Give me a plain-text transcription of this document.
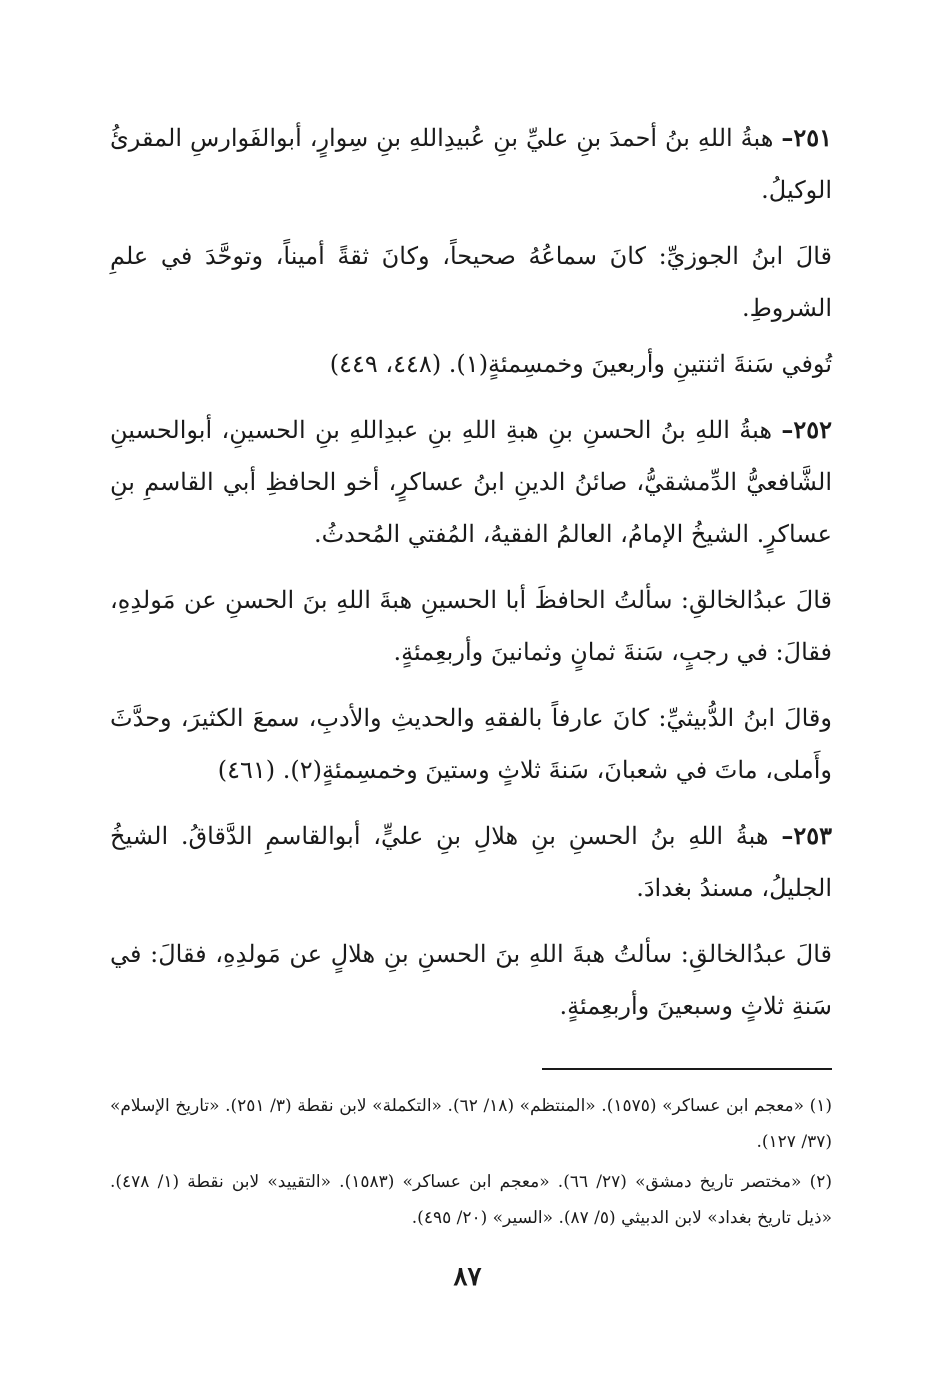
٢٥١– هبةُ اللهِ بنُ أحمدَ بنِ عليِّ بنِ عُبيدِاللهِ بنِ سِوارٍ، أبوالفَوارسِ المقرئُ الوكيلُ.

قالَ ابنُ الجوزيِّ: كانَ سماعُهُ صحيحاً، وكانَ ثقةً أميناً، وتوحَّدَ في علمِ الشروطِ.

تُوفي سَنةَ اثنتينِ وأربعينَ وخمسِمئةٍ(١). (٤٤٨، ٤٤٩)

٢٥٢– هبةُ اللهِ بنُ الحسنِ بنِ هبةِ اللهِ بنِ عبدِاللهِ بنِ الحسينِ، أبوالحسينِ الشَّافعيُّ الدِّمشقيُّ، صائنُ الدينِ ابنُ عساكرٍ، أخو الحافظِ أبي القاسمِ بنِ عساكرٍ. الشيخُ الإمامُ، العالمُ الفقيهُ، المُفتي المُحدثُ.

قالَ عبدُالخالقِ: سألتُ الحافظَ أبا الحسينِ هبةَ اللهِ بنَ الحسنِ عن مَولدِهِ، فقالَ: في رجبٍ، سَنةَ ثمانٍ وثمانينَ وأربعِمئةٍ.

وقالَ ابنُ الدُّبيثيِّ: كانَ عارفاً بالفقهِ والحديثِ والأدبِ، سمعَ الكثيرَ، وحدَّثَ وأَملى، ماتَ في شعبانَ، سَنةَ ثلاثٍ وستينَ وخمسِمئةٍ(٢). (٤٦١)

٢٥٣– هبةُ اللهِ بنُ الحسنِ بنِ هلالِ بنِ عليٍّ، أبوالقاسمِ الدَّقاقُ. الشيخُ الجليلُ، مسندُ بغدادَ.

قالَ عبدُالخالقِ: سألتُ هبةَ اللهِ بنَ الحسنِ بنِ هلالٍ عن مَولدِهِ، فقالَ: في سَنةِ ثلاثٍ وسبعينَ وأربعِمئةٍ.

(١) «معجم ابن عساكر» (١٥٧٥). «المنتظم» (١٨/ ٦٢). «التكملة» لابن نقطة (٣/ ٢٥١). «تاريخ الإسلام» (٣٧/ ١٢٧).

(٢) «مختصر تاريخ دمشق» (٢٧/ ٦٦). «معجم ابن عساكر» (١٥٨٣). «التقييد» لابن نقطة (١/ ٤٧٨). «ذيل تاريخ بغداد» لابن الدبيثي (٥/ ٨٧). «السير» (٢٠/ ٤٩٥).

٨٧
